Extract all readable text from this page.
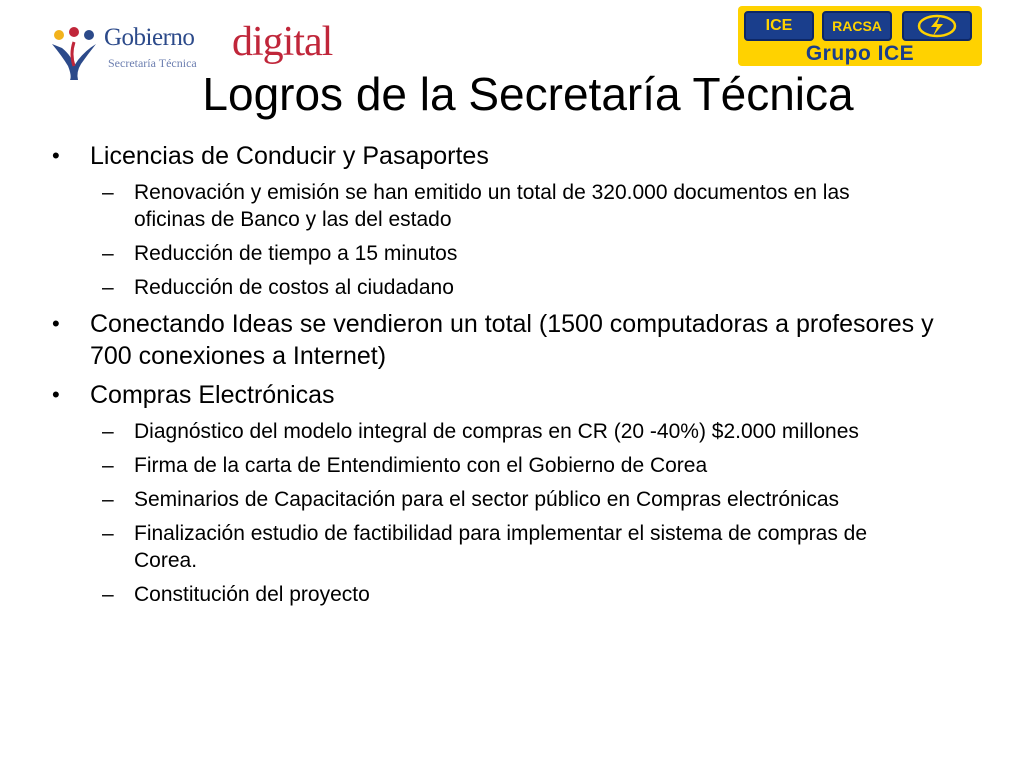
Gobierno digital
Secretaría Técnica
ICE	RACSA
Grupo ICE
Logros de la Secretaría Técnica
• Licencias de Conducir y Pasaportes
– Renovación y emisión se han emitido un total de 320.000 documentos en las oficinas de Banco y las del estado
– Reducción de tiempo a 15 minutos
– Reducción de costos al ciudadano
• Conectando Ideas se vendieron un total (1500 computadoras a profesores y 700 conexiones a Internet)
• Compras Electrónicas
– Diagnóstico del modelo integral de compras en CR (20 -40%) $2.000 millones
– Firma de la carta de Entendimiento con el Gobierno de Corea
– Seminarios de Capacitación para el sector público en Compras electrónicas
– Finalización estudio de factibilidad para implementar el sistema de compras de Corea.
– Constitución del proyecto
